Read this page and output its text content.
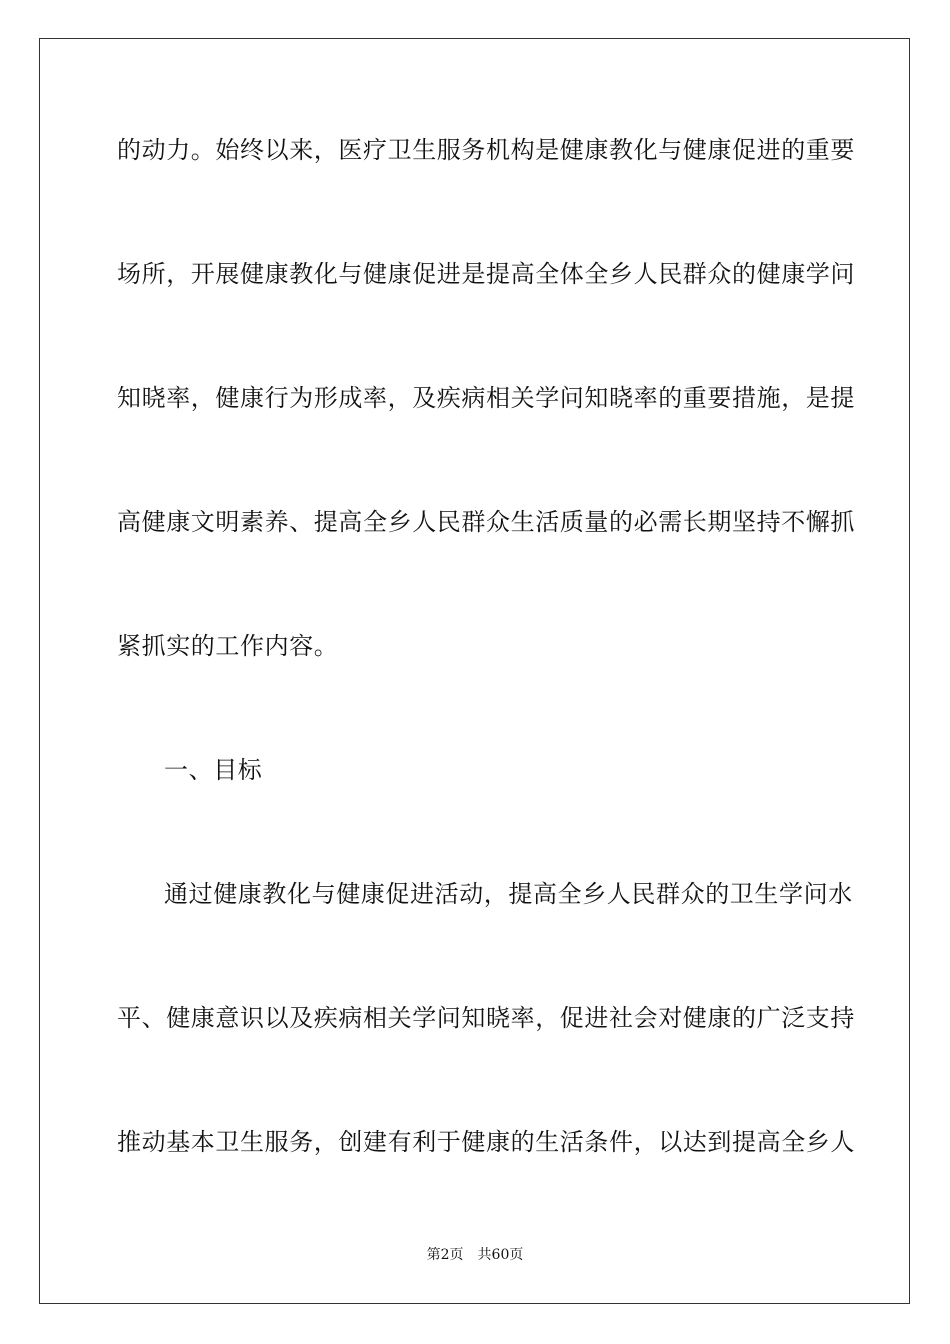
的动力。始终以来，医疗卫生服务机构是健康教化与健康促进的重要
场所，开展健康教化与健康促进是提高全体全乡人民群众的健康学问
知晓率，健康行为形成率，及疾病相关学问知晓率的重要措施，是提
高健康文明素养、提高全乡人民群众生活质量的必需长期坚持不懈抓
紧抓实的工作内容。
一、目标
通过健康教化与健康促进活动，提高全乡人民群众的卫生学问水
平、健康意识以及疾病相关学问知晓率，促进社会对健康的广泛支持
推动基本卫生服务，创建有利于健康的生活条件，以达到提高全乡人
第2页 共60页
